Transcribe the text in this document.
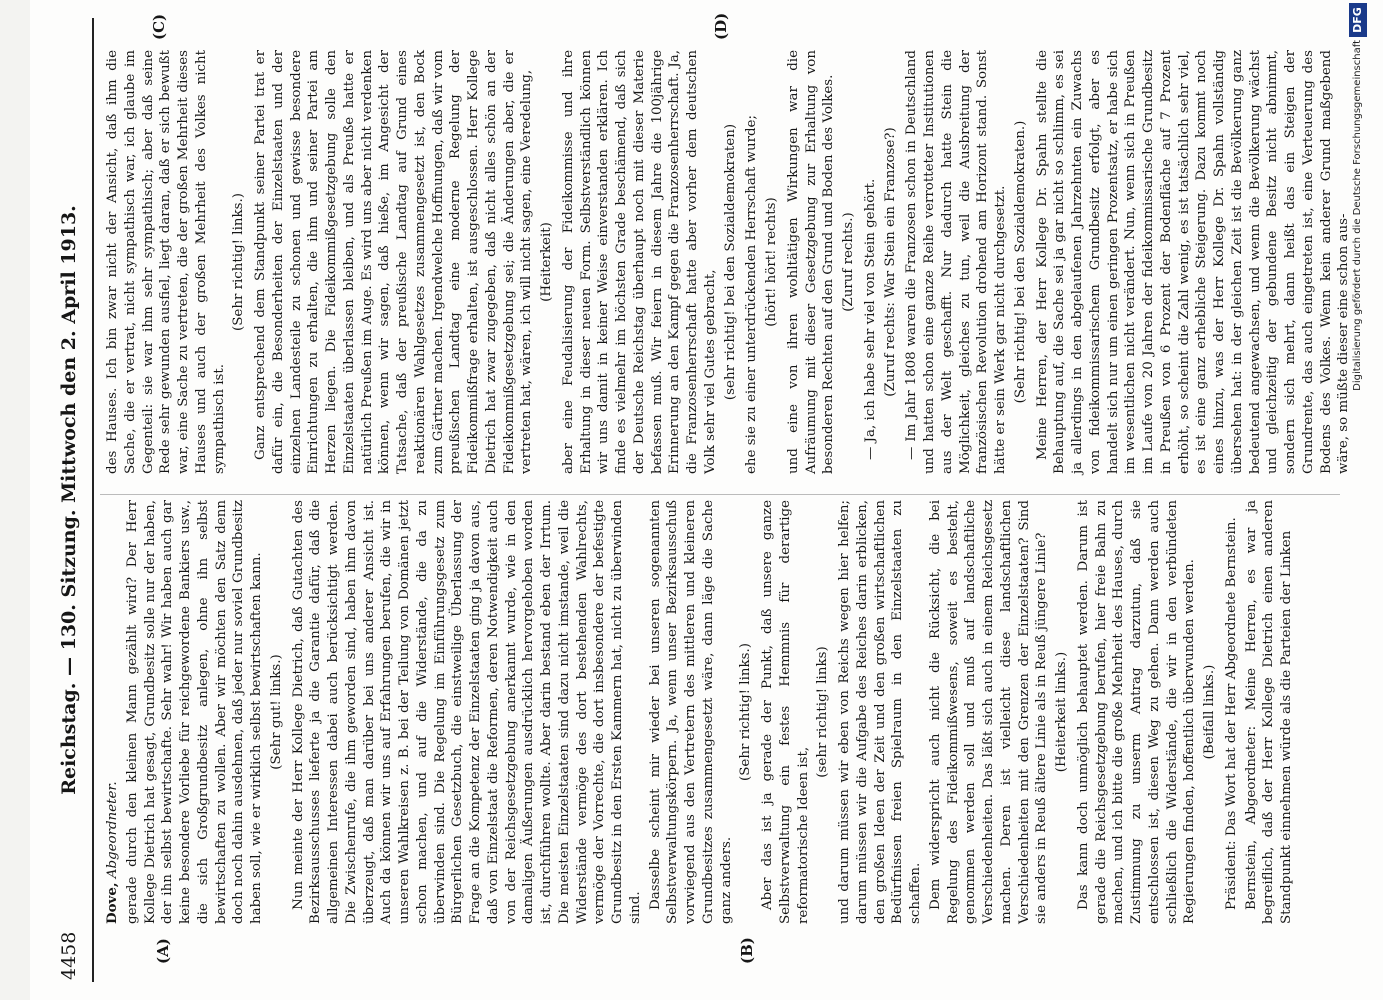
4458
Reichstag. — 130. Sitzung. Mittwoch den 2. April 1913.
(A)	(B)
(C)	(D)

Dove, Abgeordneter. gerade durch den kleinen Mann gezählt wird? Der Herr Kollege Dietrich hat gesagt, Grundbesitz solle nur der haben, der ihn selbst bewirtschafte. Sehr wahr! Wir haben auch gar keine besondere Vorliebe für reichgewordene Bankiers usw., die sich Großgrundbesitz anlegen, ohne ihn selbst bewirtschaften zu wollen. Aber wir möchten den Satz denn doch noch dahin ausdehnen, daß jeder nur soviel Grundbesitz haben soll, wie er wirklich selbst bewirtschaften kann. (Sehr gut! links.) Nun meinte der Herr Kollege Dietrich, daß Gutachten des Bezirksausschusses lieferte ja die Garantie dafür, daß die allgemeinen Interessen dabei auch berücksichtigt werden. Die Zwischenrufe, die ihm geworden sind, haben ihm davon überzeugt, daß man darüber bei uns anderer Ansicht ist. Auch da können wir uns auf Erfahrungen berufen, die wir in unseren Wahlkreisen z. B. bei der Teilung von Domänen jetzt schon machen, und auf die Widerstände, die da zu überwinden sind. Die Regelung im Einführungsgesetz zum Bürgerlichen Gesetzbuch, die einstweilige Überlassung der Frage an die Kompetenz der Einzelstaaten ging ja davon aus, daß von Einzelstaat die Reformen, deren Notwendigkeit auch von der Reichsgesetzgebung anerkannt wurde, wie in den damaligen Äußerungen ausdrücklich hervorgehoben worden ist, durchführen wollte. Aber darin bestand eben der Irrtum. Die meisten Einzelstaaten sind dazu nicht imstande, weil die Widerstände vermöge des dort bestehenden Wahlrechts, vermöge der Vorrechte, die dort insbesondere der befestigte Grundbesitz in den Ersten Kammern hat, nicht zu überwinden sind. Dasselbe scheint mir wieder bei unseren sogenannten Selbstverwaltungskörpern. Ja, wenn unser Bezirksausschuß vorwiegend aus den Vertretern des mittleren und kleineren Grundbesitzes zusammengesetzt wäre, dann läge die Sache ganz anders.

(Sehr richtig! links.) Aber das ist ja gerade der Punkt, daß unsere ganze Selbstverwaltung ein festes Hemmnis für derartige reformatorische Ideen ist,

(sehr richtig! links) und darum müssen wir eben von Reichs wegen hier helfen; darum müssen wir die Aufgabe des Reiches darin erblicken, den großen Ideen der Zeit und den großen wirtschaftlichen Bedürfnissen freien Spielraum in den Einzelstaaten zu schaffen. Dem widerspricht auch nicht die Rücksicht, die bei Regelung des Fideikommißwesens, soweit es besteht, genommen werden soll und muß auf landschaftliche Verschiedenheiten. Das läßt sich auch in einem Reichsgesetz machen. Deren ist vielleicht diese landschaftlichen Verschiedenheiten mit den Grenzen der Einzelstaaten? Sind sie anders in Reuß ältere Linie als in Reuß jüngere Linie? (Heiterkeit links.) Das kann doch unmöglich behauptet werden. Darum ist gerade die Reichsgesetzgebung berufen, hier freie Bahn zu machen, und ich bitte die große Mehrheit des Hauses, durch Zustimmung zu unserm Antrag darzutun, daß sie entschlossen ist, diesen Weg zu gehen. Dann werden auch schließlich die Widerstände, die wir in den verbündeten Regierungen finden, hoffentlich überwunden werden. (Beifall links.) Präsident: Das Wort hat der Herr Abgeordnete Bernstein. Bernstein, Abgeordneter: Meine Herren, es war ja begreiflich, daß der Herr Kollege Dietrich einen anderen Standpunkt einnehmen würde als die Parteien der Linken

des Hauses. Ich bin zwar nicht der Ansicht, daß ihm die Sache, die er vertrat, nicht sympathisch war, ich glaube im Gegenteil: sie war ihm sehr sympathisch; aber daß seine Rede sehr gewunden ausfiel, liegt daran, daß er sich bewußt war, eine Sache zu vertreten, die der großen Mehrheit dieses Hauses und auch der großen Mehrheit des Volkes nicht sympathisch ist.

(Sehr richtig! links.) Ganz entsprechend dem Standpunkt seiner Partei trat er dafür ein, die Besonderheiten der Einzelstaaten und der einzelnen Landesteile zu schonen und gewisse besondere Einrichtungen zu erhalten, die ihm und seiner Partei am Herzen liegen. Die Fideikommißgesetzgebung solle den Einzelstaaten überlassen bleiben, und als Preuße hatte er natürlich Preußen im Auge. Es wird uns aber nicht verdenken können, wenn wir sagen, daß hieße, im Angesicht der Tatsache, daß der preußische Landtag auf Grund eines reaktionären Wahlgesetzes zusammengesetzt ist, den Bock zum Gärtner machen. Irgendwelche Hoffnungen, daß wir vom preußischen Landtag eine moderne Regelung der Fideikommißfrage erhalten, ist ausgeschlossen. Herr Kollege Dietrich hat zwar zugegeben, daß nicht alles schön an der Fideikommißgesetzgebung sei; die Änderungen aber, die er vertreten hat, wären, ich will nicht sagen, eine Veredelung, (Heiterkeit) aber eine Feudalisierung der Fideikommisse und ihre Erhaltung in dieser neuen Form. Selbstverständlich können wir uns damit in keiner Weise einverstanden erklären. Ich finde es vielmehr im höchsten Grade beschämend, daß sich der Deutsche Reichstag überhaupt noch mit dieser Materie befassen muß. Wir feiern in diesem Jahre die 100jährige Erinnerung an den Kampf gegen die Franzosenherrschaft. Ja, die Franzosenherrschaft hatte aber vorher dem deutschen Volk sehr viel Gutes gebracht, (sehr richtig! bei den Sozialdemokraten) ehe sie zu einer unterdrückenden Herrschaft wurde; (hört! hört! rechts) und eine von ihren wohltätigen Wirkungen war die Aufräumung mit dieser Gesetzgebung zur Erhaltung von besonderen Rechten auf den Grund und Boden des Volkes. (Zuruf rechts.) — Ja, ich habe sehr viel von Stein gehört. (Zuruf rechts: War Stein ein Franzose?) — Im Jahr 1808 waren die Franzosen schon in Deutschland und hatten schon eine ganze Reihe verrotteter Institutionen aus der Welt geschafft. Nur dadurch hatte Stein die Möglichkeit, gleiches zu tun, weil die Ausbreitung der französischen Revolution drohend am Horizont stand. Sonst hätte er sein Werk gar nicht durchgesetzt. (Sehr richtig! bei den Sozialdemokraten.) Meine Herren, der Herr Kollege Dr. Spahn stellte die Behauptung auf, die Sache sei ja gar nicht so schlimm, es sei ja allerdings in den abgelaufenen Jahrzehnten ein Zuwachs von fideikommissarischem Grundbesitz erfolgt, aber es handelt sich nur um einen geringen Prozentsatz, er habe sich im wesentlichen nicht verändert. Nun, wenn sich in Preußen im Laufe von 20 Jahren der fideikommissarische Grundbesitz in Preußen von 6 Prozent der Bodenfläche auf 7 Prozent erhöht, so scheint die Zahl wenig, es ist tatsächlich sehr viel, es ist eine ganz erhebliche Steigerung. Dazu kommt noch eines hinzu, was der Herr Kollege Dr. Spahn vollständig übersehen hat: in der gleichen Zeit ist die Bevölkerung ganz bedeutend angewachsen, und wenn die Bevölkerung wächst und gleichzeitig der gebundene Besitz nicht abnimmt, sondern sich mehrt, dann heißt das ein Steigen der Grundrente, das auch eingetreten ist, eine Verteuerung des Bodens des Volkes. Wenn kein anderer Grund maßgebend wäre, so müßte dieser eine schon aus- Digitalisierung gefördert durch die Deutsche Forschungsgemeinschaft
DFG
